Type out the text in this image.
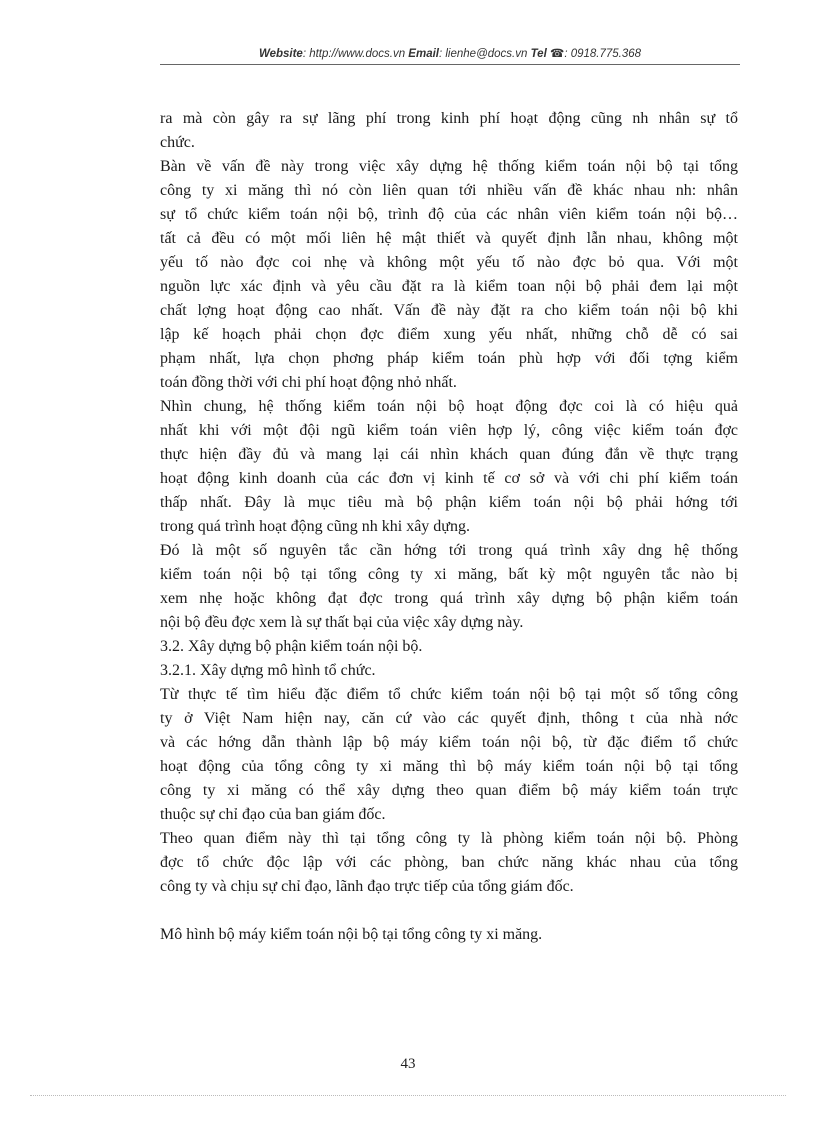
Website: http://www.docs.vn Email: lienhe@docs.vn Tel ☎: 0918.775.368
ra mà còn gây ra sự lãng phí trong kinh phí hoạt động cũng nh nhân sự tổ
chức.
Bàn về vấn đề này trong việc xây dựng hệ thống kiểm toán nội bộ tại tổng
công ty xi măng thì nó còn liên quan tới nhiều vấn đề khác nhau nh: nhân
sự tổ chức kiểm toán nội bộ, trình độ của các nhân viên kiểm toán nội bộ…
tất cả đều có một mối liên hệ mật thiết và quyết định lẫn nhau, không một
yếu tố nào đợc coi nhẹ và không một yếu tố nào đợc bỏ qua. Với một
nguồn lực xác định và yêu cầu đặt ra là kiểm toan nội bộ phải đem lại một
chất lợng hoạt động cao nhất. Vấn đề này đặt ra cho kiểm toán nội bộ khi
lập kế hoạch phải chọn đợc điểm xung yếu nhất, những chỗ dễ có sai
phạm nhất, lựa chọn phơng pháp kiểm toán phù hợp với đối tợng kiểm
toán đồng thời với chi phí hoạt động nhỏ nhất.
Nhìn chung, hệ thống kiểm toán nội bộ hoạt động đợc coi là có hiệu quả
nhất khi với một đội ngũ kiểm toán viên hợp lý, công việc kiểm toán đợc
thực hiện đầy đủ và mang lại cái nhìn khách quan đúng đắn về thực trạng
hoạt động kinh doanh của các đơn vị kinh tế cơ sở và với chi phí kiểm toán
thấp nhất. Đây là mục tiêu mà bộ phận kiểm toán nội bộ phải hớng tới
trong quá trình hoạt động cũng nh khi xây dựng.
Đó là một số nguyên tắc cần hớng tới trong quá trình xây dng hệ thống
kiểm toán nội bộ tại tổng công ty xi măng, bất kỳ một nguyên tắc nào bị
xem nhẹ hoặc không đạt đợc trong quá trình xây dựng bộ phận kiểm toán
nội bộ đều đợc xem là sự thất bại của việc xây dựng này.
3.2. Xây dựng bộ phận kiểm toán nội bộ.
3.2.1. Xây dựng mô hình tổ chức.
Từ thực tế tìm hiểu đặc điểm tổ chức kiểm toán nội bộ tại một số tổng công
ty ở Việt Nam hiện nay, căn cứ vào các quyết định, thông t của nhà nớc
và các hớng dẫn thành lập bộ máy kiểm toán nội bộ, từ đặc điểm tổ chức
hoạt động của tổng công ty xi măng thì bộ máy kiểm toán nội bộ tại tổng
công ty xi măng có thể xây dựng theo quan điểm bộ máy kiểm toán trực
thuộc sự chỉ đạo của ban giám đốc.
Theo quan điểm này thì tại tổng công ty là phòng kiểm toán nội bộ. Phòng
đợc tổ chức độc lập với các phòng, ban chức năng khác nhau của tổng
công ty và chịu sự chỉ đạo, lãnh đạo trực tiếp của tổng giám đốc.
Mô hình bộ máy kiểm toán nội bộ tại tổng công ty xi măng.
43
